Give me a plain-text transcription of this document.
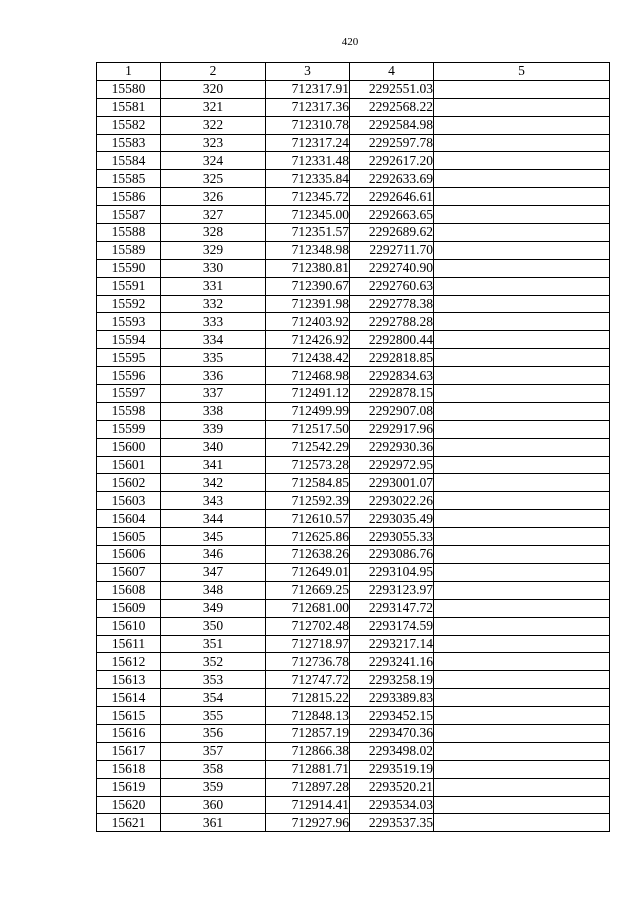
420
1	2	3	4	5
15580	320	712317.91	2292551.03	
15581	321	712317.36	2292568.22	
15582	322	712310.78	2292584.98	
15583	323	712317.24	2292597.78	
15584	324	712331.48	2292617.20	
15585	325	712335.84	2292633.69	
15586	326	712345.72	2292646.61	
15587	327	712345.00	2292663.65	
15588	328	712351.57	2292689.62	
15589	329	712348.98	2292711.70	
15590	330	712380.81	2292740.90	
15591	331	712390.67	2292760.63	
15592	332	712391.98	2292778.38	
15593	333	712403.92	2292788.28	
15594	334	712426.92	2292800.44	
15595	335	712438.42	2292818.85	
15596	336	712468.98	2292834.63	
15597	337	712491.12	2292878.15	
15598	338	712499.99	2292907.08	
15599	339	712517.50	2292917.96	
15600	340	712542.29	2292930.36	
15601	341	712573.28	2292972.95	
15602	342	712584.85	2293001.07	
15603	343	712592.39	2293022.26	
15604	344	712610.57	2293035.49	
15605	345	712625.86	2293055.33	
15606	346	712638.26	2293086.76	
15607	347	712649.01	2293104.95	
15608	348	712669.25	2293123.97	
15609	349	712681.00	2293147.72	
15610	350	712702.48	2293174.59	
15611	351	712718.97	2293217.14	
15612	352	712736.78	2293241.16	
15613	353	712747.72	2293258.19	
15614	354	712815.22	2293389.83	
15615	355	712848.13	2293452.15	
15616	356	712857.19	2293470.36	
15617	357	712866.38	2293498.02	
15618	358	712881.71	2293519.19	
15619	359	712897.28	2293520.21	
15620	360	712914.41	2293534.03	
15621	361	712927.96	2293537.35	
